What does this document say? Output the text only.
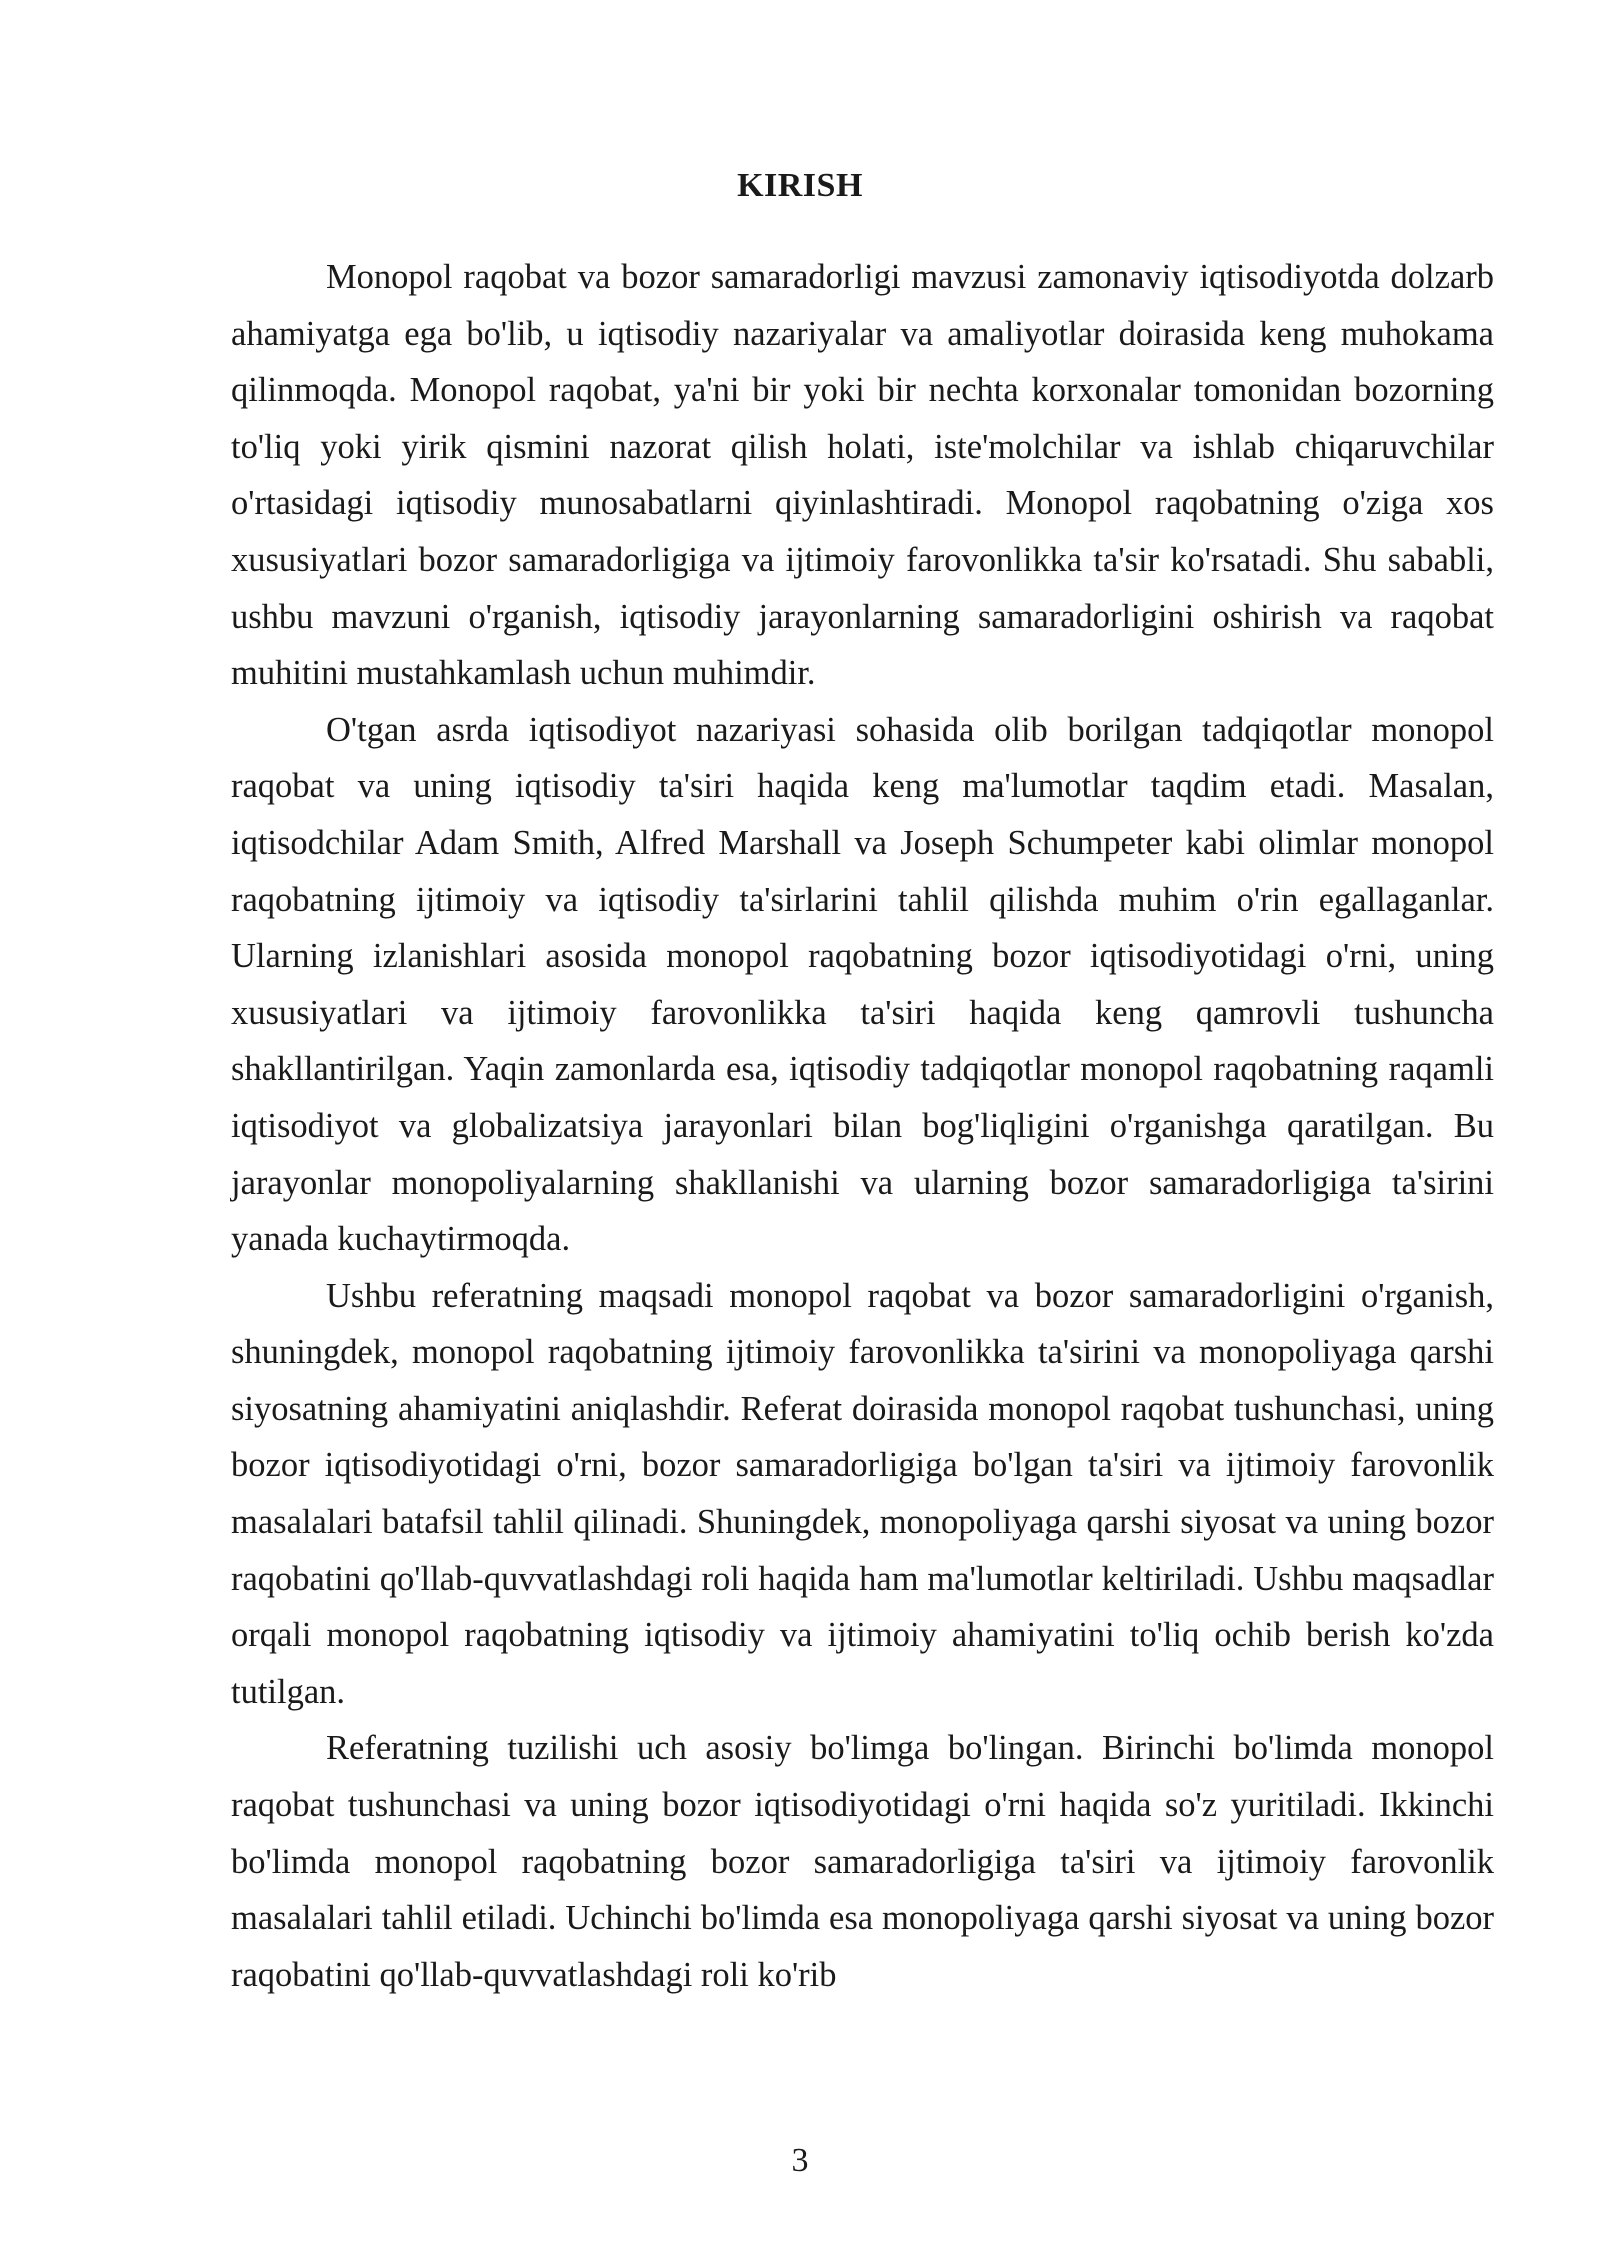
KIRISH

Monopol raqobat va bozor samaradorligi mavzusi zamonaviy iqtisodiyotda dolzarb ahamiyatga ega bo'lib, u iqtisodiy nazariyalar va amaliyotlar doirasida keng muhokama qilinmoqda. Monopol raqobat, ya'ni bir yoki bir nechta korxonalar tomonidan bozorning to'liq yoki yirik qismini nazorat qilish holati, iste'molchilar va ishlab chiqaruvchilar o'rtasidagi iqtisodiy munosabatlarni qiyinlashtiradi. Monopol raqobatning o'ziga xos xususiyatlari bozor samaradorligiga va ijtimoiy farovonlikka ta'sir ko'rsatadi. Shu sababli, ushbu mavzuni o'rganish, iqtisodiy jarayonlarning samaradorligini oshirish va raqobat muhitini mustahkamlash uchun muhimdir.

O'tgan asrda iqtisodiyot nazariyasi sohasida olib borilgan tadqiqotlar monopol raqobat va uning iqtisodiy ta'siri haqida keng ma'lumotlar taqdim etadi. Masalan, iqtisodchilar Adam Smith, Alfred Marshall va Joseph Schumpeter kabi olimlar monopol raqobatning ijtimoiy va iqtisodiy ta'sirlarini tahlil qilishda muhim o'rin egallaganlar. Ularning izlanishlari asosida monopol raqobatning bozor iqtisodiyotidagi o'rni, uning xususiyatlari va ijtimoiy farovonlikka ta'siri haqida keng qamrovli tushuncha shakllantirilgan. Yaqin zamonlarda esa, iqtisodiy tadqiqotlar monopol raqobatning raqamli iqtisodiyot va globalizatsiya jarayonlari bilan bog'liqligini o'rganishga qaratilgan. Bu jarayonlar monopoliyalarning shakllanishi va ularning bozor samaradorligiga ta'sirini yanada kuchaytirmoqda.

Ushbu referatning maqsadi monopol raqobat va bozor samaradorligini o'rganish, shuningdek, monopol raqobatning ijtimoiy farovonlikka ta'sirini va monopoliyaga qarshi siyosatning ahamiyatini aniqlashdir. Referat doirasida monopol raqobat tushunchasi, uning bozor iqtisodiyotidagi o'rni, bozor samaradorligiga bo'lgan ta'siri va ijtimoiy farovonlik masalalari batafsil tahlil qilinadi. Shuningdek, monopoliyaga qarshi siyosat va uning bozor raqobatini qo'llab-quvvatlashdagi roli haqida ham ma'lumotlar keltiriladi. Ushbu maqsadlar orqali monopol raqobatning iqtisodiy va ijtimoiy ahamiyatini to'liq ochib berish ko'zda tutilgan.

Referatning tuzilishi uch asosiy bo'limga bo'lingan. Birinchi bo'limda monopol raqobat tushunchasi va uning bozor iqtisodiyotidagi o'rni haqida so'z yuritiladi. Ikkinchi bo'limda monopol raqobatning bozor samaradorligiga ta'siri va ijtimoiy farovonlik masalalari tahlil etiladi. Uchinchi bo'limda esa monopoliyaga qarshi siyosat va uning bozor raqobatini qo'llab-quvvatlashdagi roli ko'rib

3
